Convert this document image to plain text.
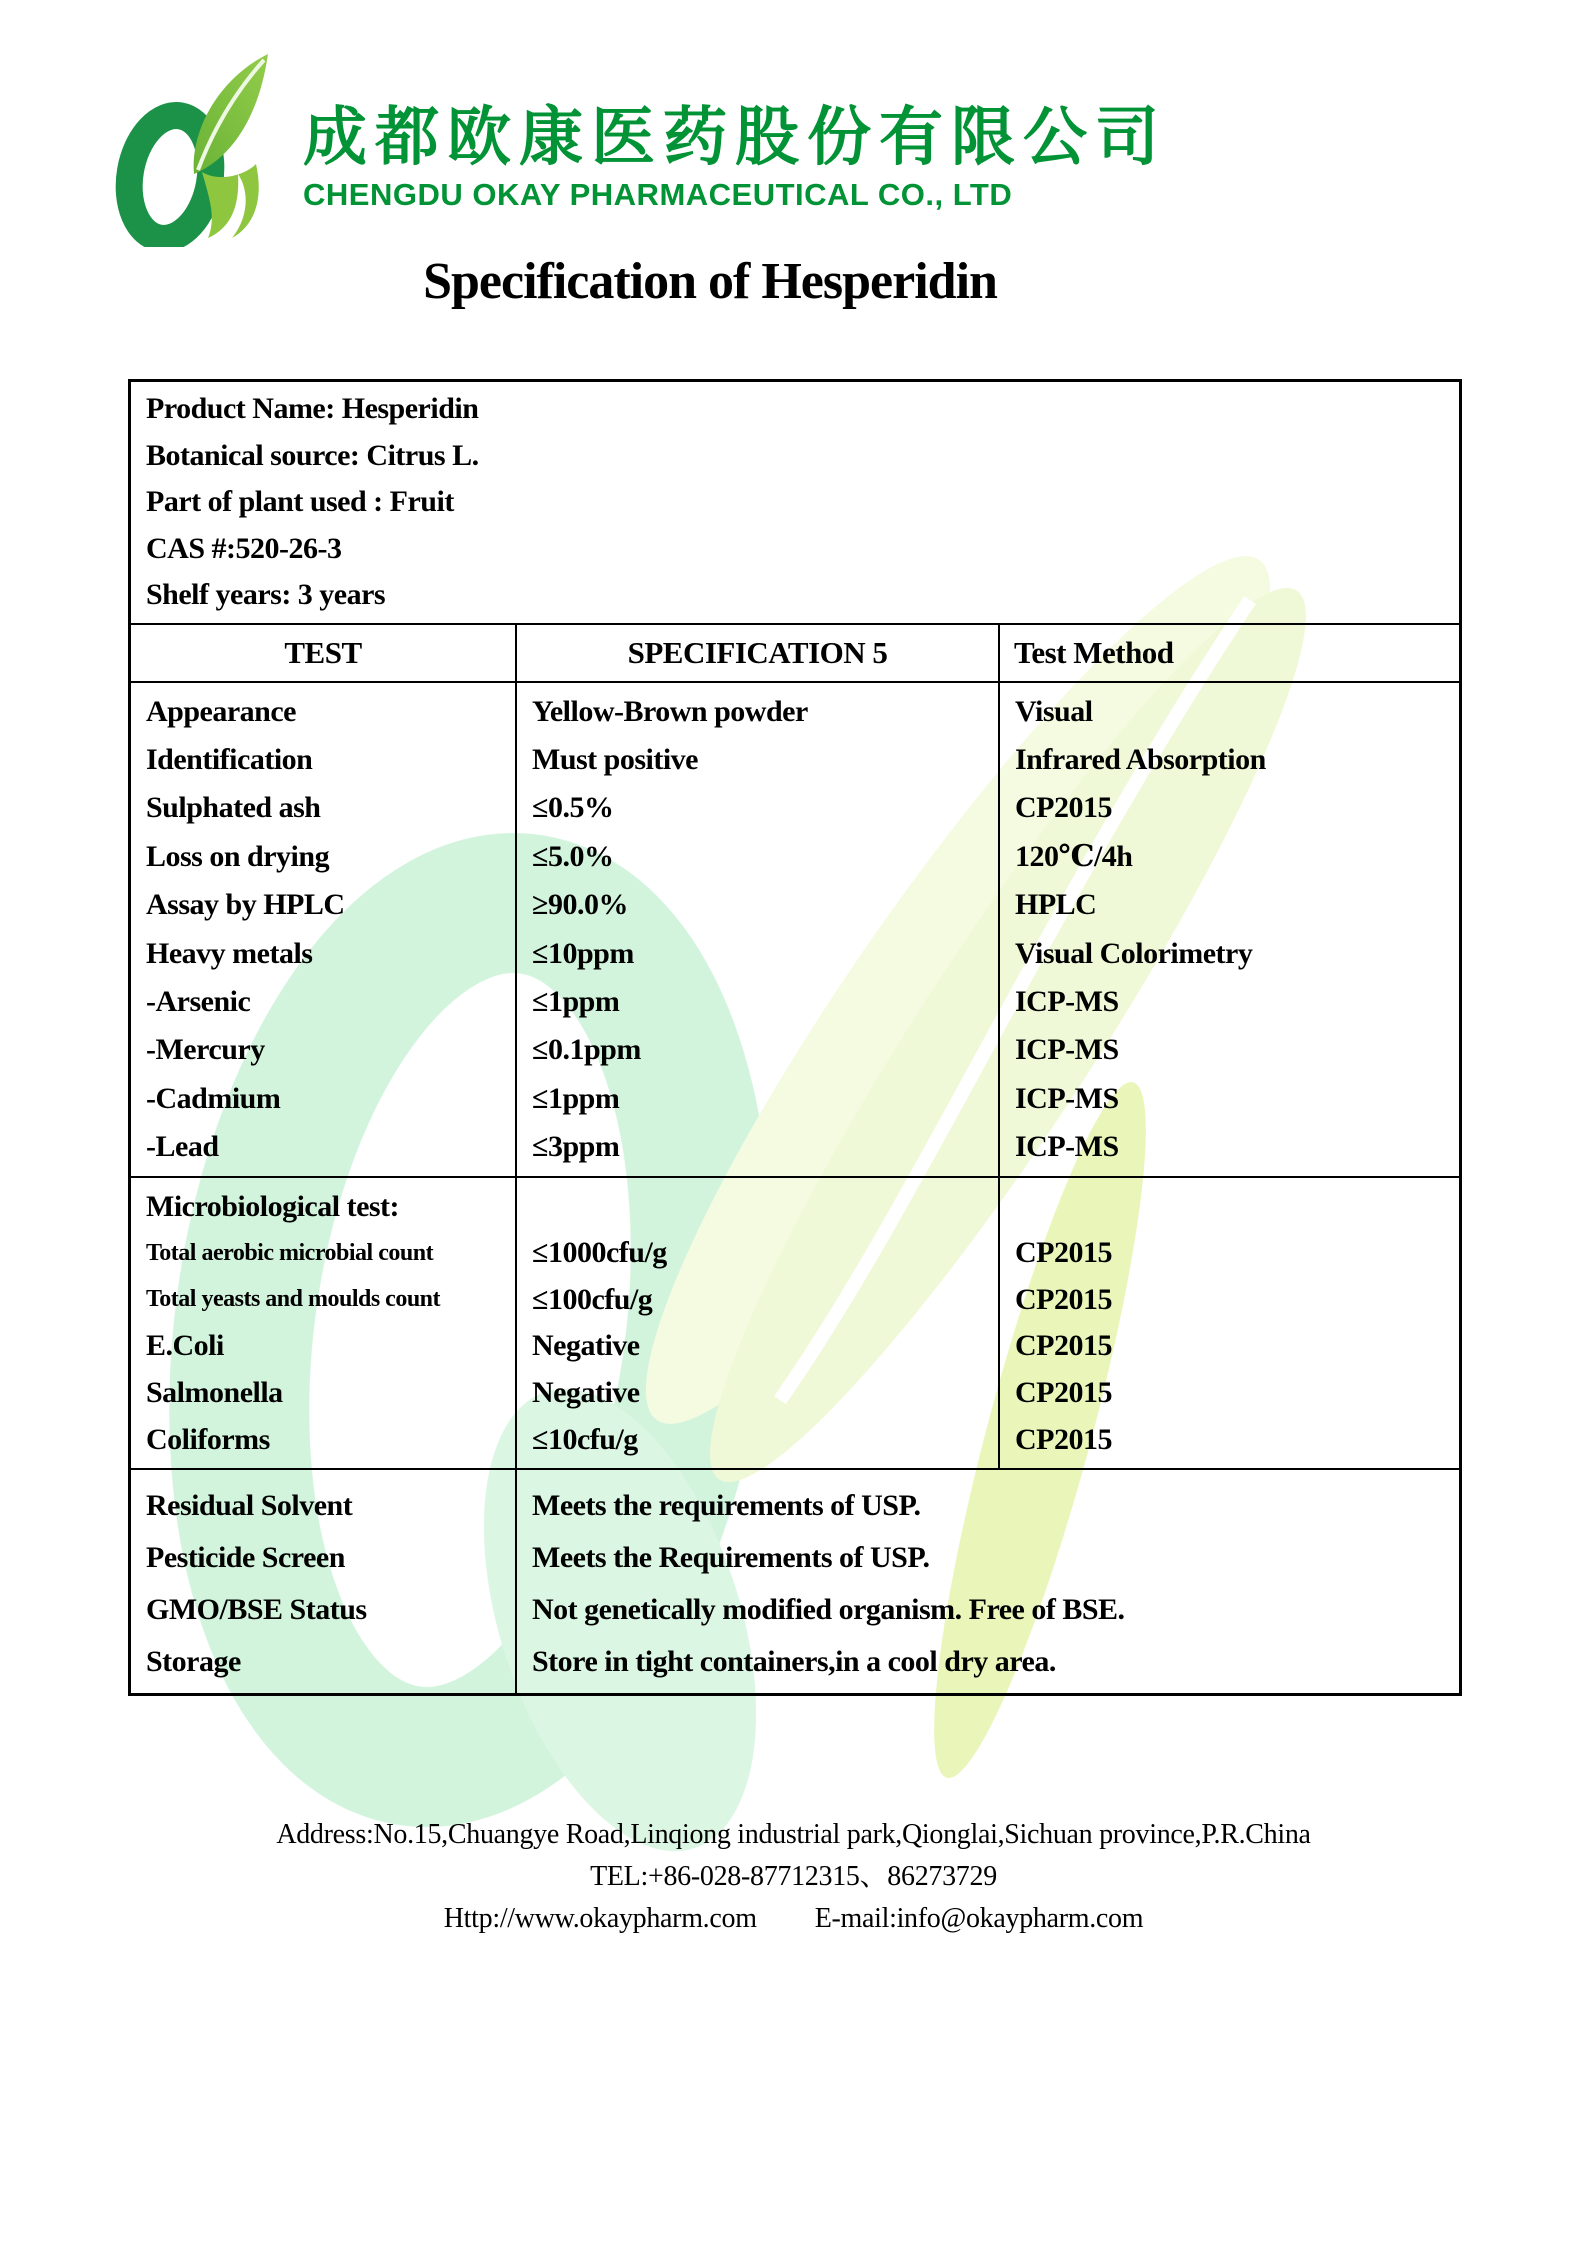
成都欧康医药股份有限公司
CHENGDU OKAY PHARMACEUTICAL CO., LTD
Specification of Hesperidin
Product Name: Hesperidin
Botanical source: Citrus L.
Part of plant used : Fruit
CAS #:520-26-3
Shelf years: 3 years
TEST	SPECIFICATION 5	Test Method
Appearance
Identification
Sulphated ash
Loss on drying
Assay by HPLC
Heavy metals
-Arsenic
-Mercury
-Cadmium
-Lead
Yellow-Brown powder
Must positive
≤0.5%
≤5.0%
≥90.0%
≤10ppm
≤1ppm
≤0.1ppm
≤1ppm
≤3ppm
Visual
Infrared Absorption
CP2015
120℃/4h
HPLC
Visual Colorimetry
ICP-MS
ICP-MS
ICP-MS
ICP-MS
Microbiological test:
Total aerobic microbial count
Total yeasts and moulds count
E.Coli
Salmonella
Coliforms
≤1000cfu/g
≤100cfu/g
Negative
Negative
≤10cfu/g
CP2015
CP2015
CP2015
CP2015
CP2015
Residual Solvent
Pesticide Screen
GMO/BSE Status
Storage
Meets the requirements of USP.
Meets the Requirements of USP.
Not genetically modified organism. Free of BSE.
Store in tight containers,in a cool dry area.
Address:No.15,Chuangye Road,Linqiong industrial park,Qionglai,Sichuan province,P.R.China
TEL:+86-028-87712315、86273729
Http://www.okaypharm.com E-mail:info@okaypharm.com
